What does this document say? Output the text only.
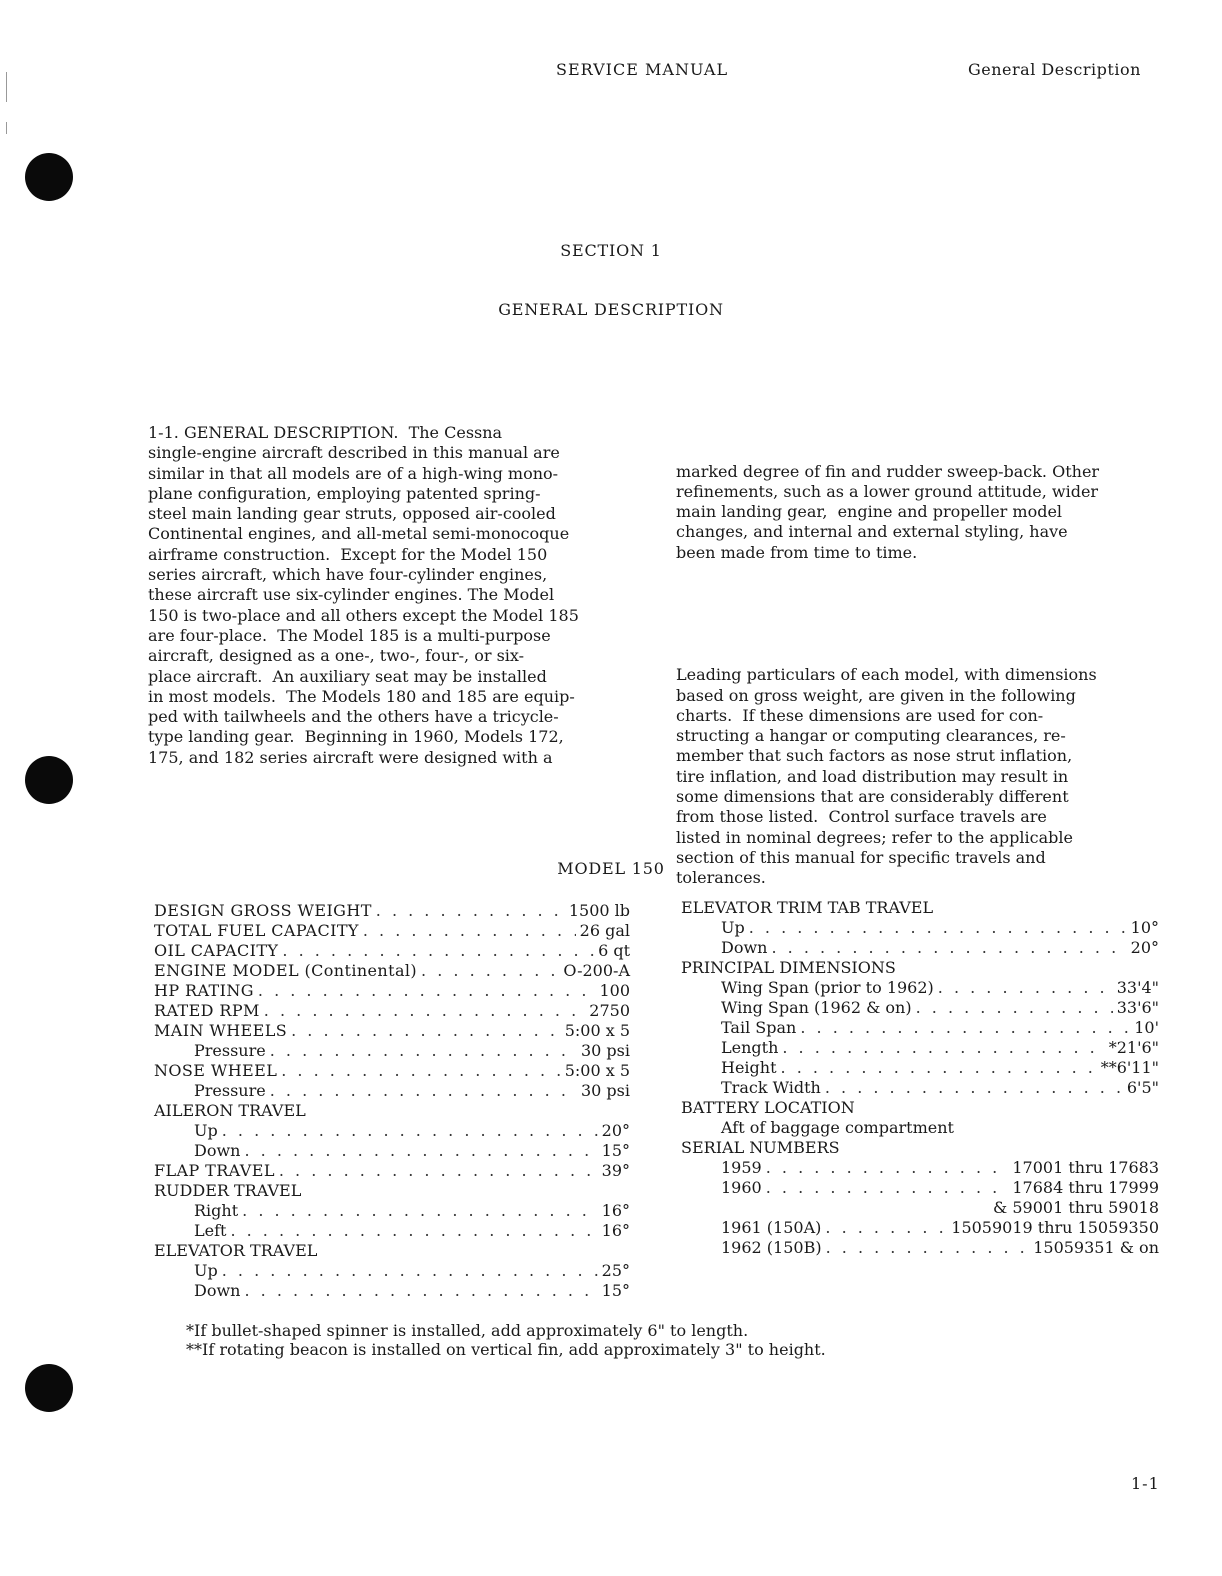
SERVICE MANUAL	General Description
SECTION 1
GENERAL DESCRIPTION
1-1. GENERAL DESCRIPTION.  The Cessna
single-engine aircraft described in this manual are
similar in that all models are of a high-wing mono-
plane configuration, employing patented spring-
steel main landing gear struts, opposed air-cooled
Continental engines, and all-metal semi-monocoque
airframe construction.  Except for the Model 150
series aircraft, which have four-cylinder engines,
these aircraft use six-cylinder engines. The Model
150 is two-place and all others except the Model 185
are four-place.  The Model 185 is a multi-purpose
aircraft, designed as a one-, two-, four-, or six-
place aircraft.  An auxiliary seat may be installed
in most models.  The Models 180 and 185 are equip-
ped with tailwheels and the others have a tricycle-
type landing gear.  Beginning in 1960, Models 172,
175, and 182 series aircraft were designed with a

marked degree of fin and rudder sweep-back. Other
refinements, such as a lower ground attitude, wider
main landing gear,  engine and propeller model
changes, and internal and external styling, have
been made from time to time.

Leading particulars of each model, with dimensions
based on gross weight, are given in the following
charts.  If these dimensions are used for con-
structing a hangar or computing clearances, re-
member that such factors as nose strut inflation,
tire inflation, and load distribution may result in
some dimensions that are considerably different
from those listed.  Control surface travels are
listed in nominal degrees; refer to the applicable
section of this manual for specific travels and
tolerances.

MODEL 150
DESIGN GROSS WEIGHT . . .	1500 lb
TOTAL FUEL CAPACITY . . .	26 gal
OIL CAPACITY . . .	6 qt
ENGINE MODEL (Continental) . . .	O-200-A
HP RATING . . .	100
RATED RPM . . .	2750
MAIN WHEELS . . .	5:00 x 5
Pressure . . .	30 psi
NOSE WHEEL . . .	5:00 x 5
Pressure . . .	30 psi
AILERON TRAVEL
Up . . .	20°
Down . . .	15°
FLAP TRAVEL . . .	39°
RUDDER TRAVEL
Right . . .	16°
Left . . .	16°
ELEVATOR TRAVEL
Up . . .	25°
Down . . .	15°
ELEVATOR TRIM TAB TRAVEL
Up . . .	10°
Down . . .	20°
PRINCIPAL DIMENSIONS
Wing Span (prior to 1962) . . .	33'4"
Wing Span (1962 & on) . . .	33'6"
Tail Span . . .	10'
Length . . .	*21'6"
Height . . .	**6'11"
Track Width . . .	6'5"
BATTERY LOCATION
Aft of baggage compartment
SERIAL NUMBERS
1959 . . .	17001 thru 17683
1960 . . .	17684 thru 17999
& 59001 thru 59018
1961 (150A) . . .	15059019 thru 15059350
1962 (150B) . . .	15059351 & on
*If bullet-shaped spinner is installed, add approximately 6" to length.
**If rotating beacon is installed on vertical fin, add approximately 3" to height.
1-1
